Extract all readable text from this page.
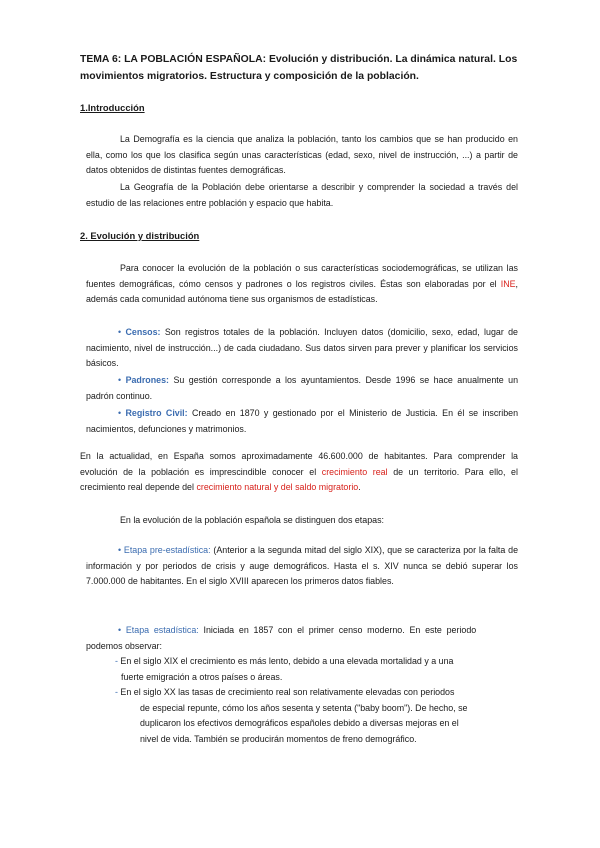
TEMA 6: LA POBLACIÓN ESPAÑOLA: Evolución y distribución. La dinámica natural. Los movimientos migratorios. Estructura y composición de la población.
1.Introducción
La Demografía es la ciencia que analiza la población, tanto los cambios que se han producido en ella, como los que los clasifica según unas características (edad, sexo, nivel de instrucción, ...) a partir de datos obtenidos de distintas fuentes demográficas.
La Geografía de la Población debe orientarse a describir y comprender la sociedad a través del estudio de las relaciones entre población y espacio que habita.
2. Evolución y distribución
Para conocer la evolución de la población o sus características sociodemográficas, se utilizan las fuentes demográficas, cómo censos y padrones o los registros civiles. Éstas son elaboradas por el INE, además cada comunidad autónoma tiene sus organismos de estadísticas.
• Censos: Son registros totales de la población. Incluyen datos (domicilio, sexo, edad, lugar de nacimiento, nivel de instrucción...) de cada ciudadano. Sus datos sirven para prever y planificar los servicios básicos.
• Padrones: Su gestión corresponde a los ayuntamientos. Desde 1996 se hace anualmente un padrón continuo.
• Registro Civil: Creado en 1870 y gestionado por el Ministerio de Justicia. En él se inscriben nacimientos, defunciones y matrimonios.
En la actualidad, en España somos aproximadamente 46.600.000 de habitantes. Para comprender la evolución de la población es imprescindible conocer el crecimiento real de un territorio. Para ello, el crecimiento real depende del crecimiento natural y del saldo migratorio.
En la evolución de la población española se distinguen dos etapas:
• Etapa pre-estadística: (Anterior a la segunda mitad del siglo XIX), que se caracteriza por la falta de información y por periodos de crisis y auge demográficos. Hasta el s. XIV nunca se debió superar los 7.000.000 de habitantes. En el siglo XVIII aparecen los primeros datos fiables.
• Etapa estadística: Iniciada en 1857 con el primer censo moderno. En este periodo podemos observar:
- En el siglo XIX el crecimiento es más lento, debido a una elevada mortalidad y a una
fuerte emigración a otros países o áreas.
- En el siglo XX las tasas de crecimiento real son relativamente elevadas con periodos
de especial repunte, cómo los años sesenta y setenta ("baby boom"). De hecho, se
duplicaron los efectivos demográficos españoles debido a diversas mejoras en el
nivel de vida. También se producirán momentos de freno demográfico.
